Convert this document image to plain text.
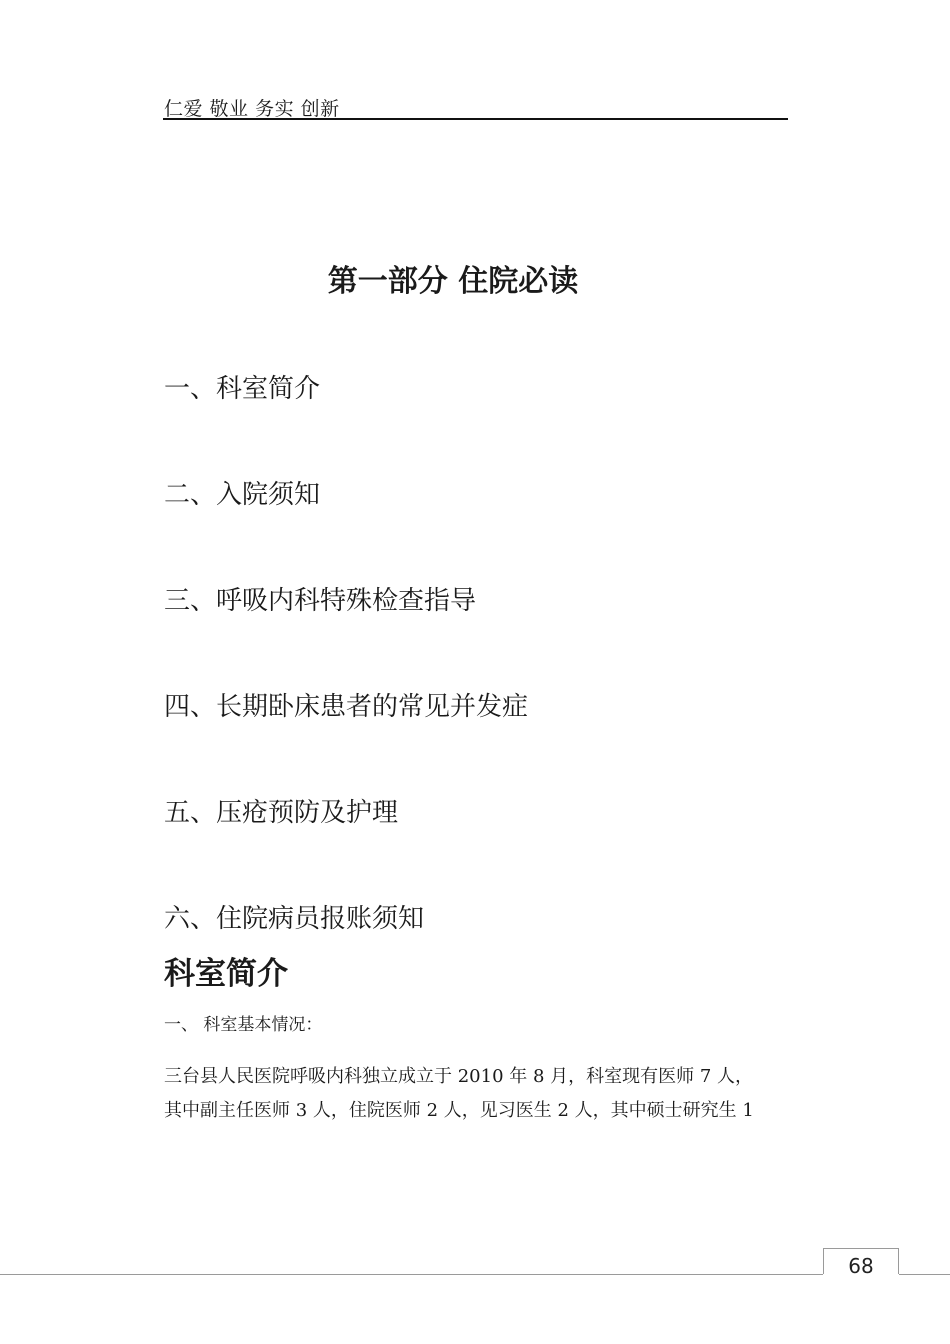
仁爱 敬业 务实 创新
第一部分 住院必读
一、科室简介
二、入院须知
三、呼吸内科特殊检查指导
四、长期卧床患者的常见并发症
五、压疮预防及护理
六、住院病员报账须知
科室简介
一、 科室基本情况：
三台县人民医院呼吸内科独立成立于 2010 年 8 月，科室现有医师 7 人，
其中副主任医师 3 人，住院医师 2 人，见习医生 2 人，其中硕士研究生 1
68
